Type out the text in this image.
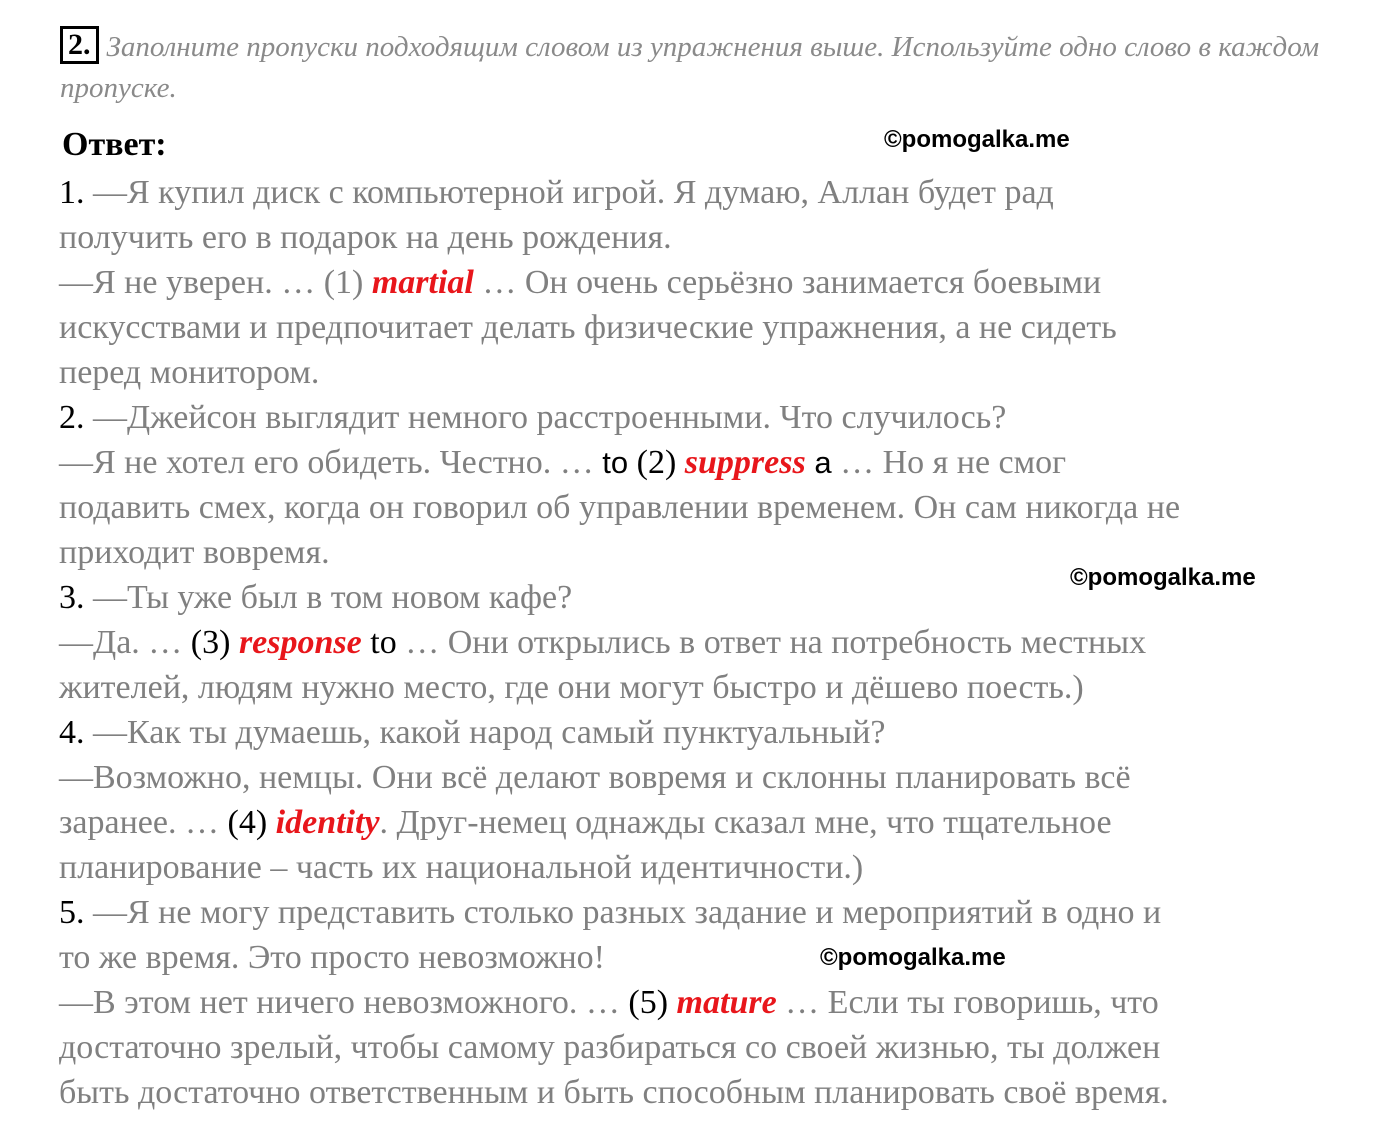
2. Заполните пропуски подходящим словом из упражнения выше. Используйте одно слово в каждом пропуске.
Ответ:	©pomogalka.me
©pomogalka.me
©pomogalka.me
1. —Я купил диск с компьютерной игрой. Я думаю, Аллан будет рад
получить его в подарок на день рождения.
—Я не уверен. … (1) martial … Он очень серьёзно занимается боевыми
искусствами и предпочитает делать физические упражнения, а не сидеть
перед монитором.
2. —Джейсон выглядит немного расстроенными. Что случилось?
—Я не хотел его обидеть. Честно. … to (2) suppress a … Но я не смог
подавить смех, когда он говорил об управлении временем. Он сам никогда не
приходит вовремя.
3. —Ты уже был в том новом кафе?
—Да. … (3) response to … Они открылись в ответ на потребность местных
жителей, людям нужно место, где они могут быстро и дёшево поесть.)
4. —Как ты думаешь, какой народ самый пунктуальный?
—Возможно, немцы. Они всё делают вовремя и склонны планировать всё
заранее. … (4) identity. Друг-немец однажды сказал мне, что тщательное
планирование – часть их национальной идентичности.)
5. —Я не могу представить столько разных задание и мероприятий в одно и
то же время. Это просто невозможно!
—В этом нет ничего невозможного. … (5) mature … Если ты говоришь, что
достаточно зрелый, чтобы самому разбираться со своей жизнью, ты должен
быть достаточно ответственным и быть способным планировать своё время.
